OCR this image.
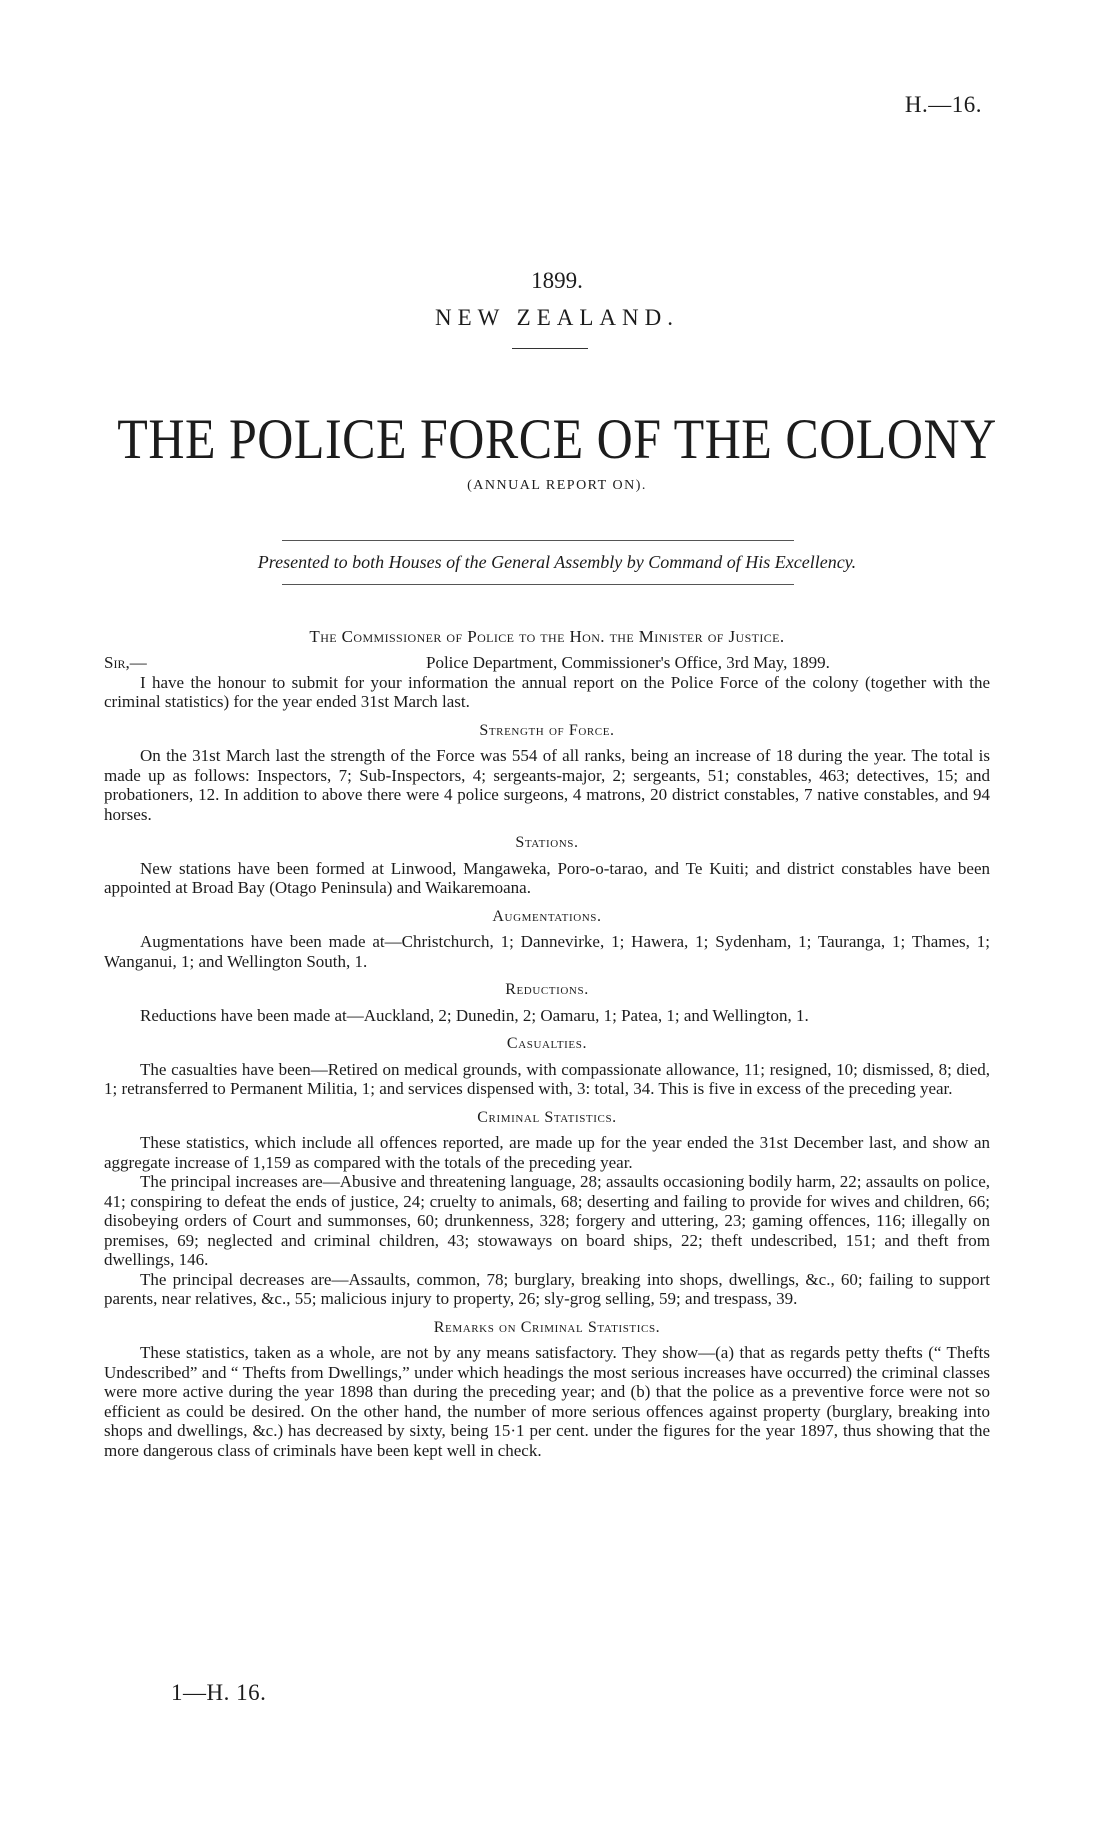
H.—16.
1899.
NEW ZEALAND.
THE POLICE FORCE OF THE COLONY
(ANNUAL REPORT ON).
Presented to both Houses of the General Assembly by Command of His Excellency.
The Commissioner of Police to the Hon. the Minister of Justice.
Sir,—	Police Department, Commissioner's Office, 3rd May, 1899.

I have the honour to submit for your information the annual report on the Police Force of the colony (together with the criminal statistics) for the year ended 31st March last.

Strength of Force.

On the 31st March last the strength of the Force was 554 of all ranks, being an increase of 18 during the year. The total is made up as follows: Inspectors, 7; Sub-Inspectors, 4; sergeants-major, 2; sergeants, 51; constables, 463; detectives, 15; and probationers, 12. In addition to above there were 4 police surgeons, 4 matrons, 20 district constables, 7 native constables, and 94 horses.

Stations.

New stations have been formed at Linwood, Mangaweka, Poro-o-tarao, and Te Kuiti; and district constables have been appointed at Broad Bay (Otago Peninsula) and Waikaremoana.

Augmentations.

Augmentations have been made at—Christchurch, 1; Dannevirke, 1; Hawera, 1; Sydenham, 1; Tauranga, 1; Thames, 1; Wanganui, 1; and Wellington South, 1.

Reductions.

Reductions have been made at—Auckland, 2; Dunedin, 2; Oamaru, 1; Patea, 1; and Wellington, 1.

Casualties.

The casualties have been—Retired on medical grounds, with compassionate allowance, 11; resigned, 10; dismissed, 8; died, 1; retransferred to Permanent Militia, 1; and services dispensed with, 3: total, 34. This is five in excess of the preceding year.

Criminal Statistics.

These statistics, which include all offences reported, are made up for the year ended the 31st December last, and show an aggregate increase of 1,159 as compared with the totals of the preceding year.

The principal increases are—Abusive and threatening language, 28; assaults occasioning bodily harm, 22; assaults on police, 41; conspiring to defeat the ends of justice, 24; cruelty to animals, 68; deserting and failing to provide for wives and children, 66; disobeying orders of Court and summonses, 60; drunkenness, 328; forgery and uttering, 23; gaming offences, 116; illegally on premises, 69; neglected and criminal children, 43; stowaways on board ships, 22; theft undescribed, 151; and theft from dwellings, 146.

The principal decreases are—Assaults, common, 78; burglary, breaking into shops, dwellings, &c., 60; failing to support parents, near relatives, &c., 55; malicious injury to property, 26; sly-grog selling, 59; and trespass, 39.

Remarks on Criminal Statistics.

These statistics, taken as a whole, are not by any means satisfactory. They show—(a) that as regards petty thefts (“ Thefts Undescribed” and “ Thefts from Dwellings,” under which headings the most serious increases have occurred) the criminal classes were more active during the year 1898 than during the preceding year; and (b) that the police as a preventive force were not so efficient as could be desired. On the other hand, the number of more serious offences against property (burglary, breaking into shops and dwellings, &c.) has decreased by sixty, being 15·1 per cent. under the figures for the year 1897, thus showing that the more dangerous class of criminals have been kept well in check.

1—H. 16.
